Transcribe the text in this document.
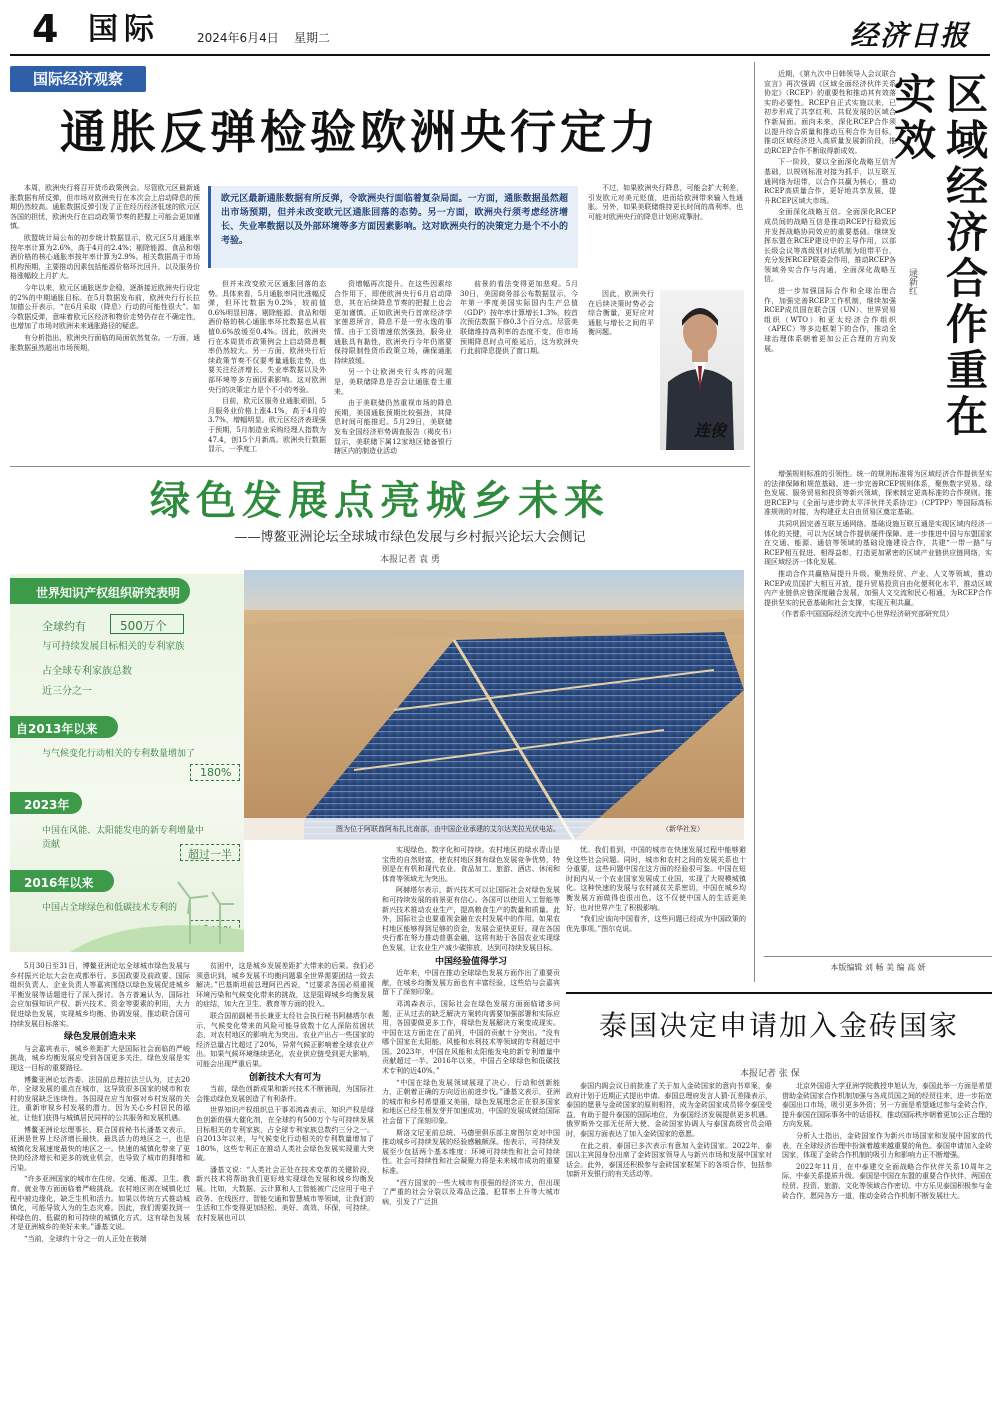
4 国际	2024年6月4日 星期二	经济日报
国际经济观察
通胀反弹检验欧洲央行定力

本周，欧洲央行将召开货币政策例会。尽管欧元区最新通胀数据有所反弹，但市场对欧洲央行在本次会上启动降息的预期仍然较高。通胀数据反弹引发了正在经历经济低迷的欧元区各国的担忧，欧洲央行在启动政策节奏的把握上可能会更加谨慎。

欧盟统计局公布的初步统计数据显示，欧元区5月通胀率按年率计算为2.6%，高于4月的2.4%；剔除能源、食品和烟酒价格的核心通胀率按年率计算为2.9%。相关数据高于市场机构预期，主要推动因素包括能源价格环比回升，以及服务价格涨幅较上月扩大。

今年以来，欧元区通胀逐步企稳，逐渐接近欧洲央行设定的2%的中期通胀目标。在5月数据发布前，欧洲央行行长拉加德公开表示，“在6月采取（降息）行动的可能性很大”。如今数据反弹，意味着欧元区经济和物价走势仍存在不确定性，也增加了市场对欧洲未来通胀路径的疑虑。

有分析指出，欧洲央行面临的局面依然复杂。一方面，通胀数据虽然超出市场预期，

欧元区最新通胀数据有所反弹，令欧洲央行面临着复杂局面。一方面，通胀数据虽然超出市场预期，但并未改变欧元区通胀回落的态势。另一方面，欧洲央行须考虑经济增长、失业率数据以及外部环境等多方面因素影响。这对欧洲央行的决策定力是个不小的考验。

但并未改变欧元区通胀回落的态势。具体来看，5月通胀率同比涨幅反弹，但环比数据为0.2%，较前值0.6%明显回落。剔除能源、食品和烟酒价格的核心通胀率环比数据也从前值0.6%放缓至0.4%。因此，欧洲央行在本周货币政策例会上启动降息概率仍然较大。另一方面，欧洲央行后续政策节奏不仅要考量通胀走势，也要关注经济增长、失业率数据以及外部环境等多方面因素影响。这对欧洲央行的决策定力是个不小的考验。

目前，欧元区服务业通胀顽固，5月服务业价格上涨4.1%，高于4月的3.7%，增幅明显。欧元区经济表现强于预期，5月制造业采购经理人指数为47.4，创15个月新高。欧洲央行数据显示，一季度工

资增幅再次提升。在这些因素综合作用下，即使欧洲央行6月启动降息，其在后续降息节奏的把握上也会更加谨慎。正如欧洲央行首席经济学家莲恩所言，降息不是一劳永逸的事情。由于工资增速依然强劲，服务业通胀具有黏性，欧洲央行今年仍需要保持限制性货币政策立场，确保通胀持续放缓。

另一个让欧洲央行头疼的问题是，美联储降息是否会让通胀卷土重来。

由于美联储仍然重视市场的降息预期，美国通胀预期比较强劲，其降息时间可能推迟。5月29日，美联储发布全国经济形势调查报告（褐皮书）显示，美联储下属12家地区储备银行辖区内的制造业活动

前景的看法变得更加悲观。5月30日，美国商务部公布数据显示，今年第一季度美国实际国内生产总值（GDP）按年率计算增长1.3%，较首次预估数据下修0.3个百分点。尽管美联储维持高利率的态度不变，但市场预期降息时点可能延后，这为欧洲央行此前降息提供了窗口期。

不过，如果欧洲央行降息，可能会扩大利差，引发欧元对美元贬值，进而给欧洲带来输入性通胀。另外，如果美联储维持更长时间的高利率，也可能对欧洲央行的降息计划形成掣肘。

因此，欧洲央行在后续决策时势必会综合衡量，更好应对通胀与增长之间的平衡问题。

连俊	区域经济合作重在实效
逯新红

近期，《第九次中日韩领导人会议联合宣言》再次强调《区域全面经济伙伴关系协定》（RCEP）的重要性和推动其有效落实的必要性。RCEP自正式实施以来，已初步形成了共享红利、共促发展的区域合作新局面。面向未来，深化RCEP合作须以提升综合质量和推动互利合作为目标，推动区域经济进入高质量发展新阶段，推动RCEP合作不断取得新成效。

下一阶段，要以全面深化战略互信为基础，以规则标准对接为抓手，以互联互通网络为纽带，以合作共赢为核心，推动RCEP高质量合作，更好地共享发展，提升RCEP区域大市场。

全面深化战略互信。全面深化RCEP成员间的战略互信是推动RCEP行稳致远并发挥战略协同效应的重要基础。继续发挥东盟在RCEP建设中的主导作用，以部长级会议等高级别对话机制为纽带平台，充分发挥RCEP联委会作用，推动RCEP各领域务实合作与沟通，全面深化战略互信。

进一步加强国际合作和全球治理合作，加强完善RCEP工作机制，继续加强RCEP成员国在联合国（UN）、世界贸易组织（WTO）和亚太经济合作组织（APEC）等多边框架下的合作，推动全球治理体系朝着更加公正合理的方向发展。

增强规则标准的引领性。统一的规则标准将为区域经济合作提供坚实的法律保障和规范基础。进一步完善RCEP规则体系，聚焦数字贸易、绿色发展、服务贸易和投资等新兴领域，探索制定更高标准的合作规则。推进RCEP与《全面与进步跨太平洋伙伴关系协定》（CPTPP）等国际高标准规则的对接，为构建亚太自由贸易区奠定基础。

共同巩固完善互联互通网络。基础设施互联互通是实现区域内经济一体化的关键，可以为区域合作提供硬件保障。进一步推进中国与东盟国家在交通、能源、通信等领域的基础设施建设合作，共建“一带一路”与RCEP相互促进、相得益彰，打造更加紧密的区域产业链供应链网络，实现区域经济一体化发展。

推动合作共赢格局提升升级。聚焦经贸、产业、人文等领域，推动RCEP成员国扩大相互开放，提升贸易投资自由化便利化水平，推动区域内产业链供应链深度融合发展，加强人文交流和民心相通，为RCEP合作提供坚实的民意基础和社会支撑，实现互利共赢。

（作者系中国国际经济交流中心世界经济研究部研究员）

本版编辑 刘 畅 美 编 高 妍
绿色发展点亮城乡未来
——博鳌亚洲论坛全球城市绿色发展与乡村振兴论坛大会侧记
本报记者 袁 勇
图为位于阿联酋阿布扎比南部，由中国企业承建的艾尔达芙拉光伏电站。	（新华社发）
世界知识产权组织研究表明
全球约有	500万个
与可持续发展目标相关的专利家族
占全球专利家族总数
近三分之一
自2013年以来
与气候变化行动相关的专利数量增加了
180%
2023年
中国在风能、太阳能发电的新专利增量中贡献
超过一半
2016年以来
中国占全球绿色和低碳技术专利的

5月30日至31日，博鳌亚洲论坛全球城市绿色发展与乡村振兴论坛大会在成都举行。多国政要及前政要、国际组织负责人、企业负责人等嘉宾围绕以绿色发展促进城乡平衡发展等话题进行了深入探讨。各方普遍认为，国际社会应加强知识产权、新兴技术、资金等要素的利用，大力促进绿色发展，实现城乡均衡、协调发展，推动联合国可持续发展目标落实。

绿色发展创造未来

与会嘉宾表示，城乡差距扩大是国际社会面临的严峻挑战，城乡均衡发展应受到各国更多关注，绿色发展是实现这一目标的重要路径。

博鳌亚洲论坛咨委、法国前总理拉法兰认为，过去20年，全球发展的重点在城市，这导致很多国家的城市和农村的发展缺乏连续性。各国现在应当加强对乡村发展的关注，重新审视乡村发展的潜力，因为关心乡村居民的福祉，让他们获得与城镇居民同样的公共服务和发展机遇。

博鳌亚洲论坛理事长、联合国前秘书长潘基文表示，亚洲是世界上经济增长最快、最具活力的地区之一，也是城镇化发展速度最快的地区之一。快速的城镇化带来了更快的经济增长和更多的就业机会，也导致了城市的拥堵和污染。

“许多亚洲国家的城市在住房、交通、能源、卫生、教育、就业等方面面临着严峻挑战。农村地区则在城镇化过程中被边缘化，缺乏生机和活力。如果以传统方式推动城镇化，可能导致人为的生态灾难。因此，我们需要找到一种绿色的、低碳的和可持续的城镇化方式，这有绿色发展才是亚洲城乡的美好未来。”潘基文说。

“当前，全球约十分之一的人正处在极端

贫困中，这是城乡发展差距扩大带来的后果。我们必须意识到，城乡发展不均衡问题靠全世界需要团结一致去解决。”巴基斯坦前总理阿巴西说，“过要求各国必须重视环境污染和气候变化带来的挑战，这是阻碍城乡均衡发展的症结，加大在卫生、教育等方面的投入。

联合国前副秘书长兼亚太经社会执行秘书阿赫塔尔表示，气候变化带来的风险可能导致数十亿人深陷贫困状态，对农村地区的影响尤为突出。农业产出占一些国家的经济总量占比超过了20%，异常气候正影响着全球农业产出。如果气候环境继续恶化，农业供应链受到更大影响，可能会出现严重后果。

创新技术大有可为

当前，绿色创新成果和新兴技术不断涌现，为国际社会推动绿色发展创造了有利条件。

世界知识产权组织总干事邓鸿森表示，知识产权是绿色创新的强大催化剂，在全球约有500万个与可持续发展目标相关的专利家族，占全球专利家族总数约三分之一。自2013年以来，与气候变化行动相关的专利数量增加了180%，这些专利正在推动人类社会绿色发展实现重大突破。

潘基文说：“人类社会正处在技术变革的关键阶段，新兴技术将帮助我们更好地实现绿色发展和城乡均衡发展。比如，大数据、云计算和人工智能被广泛应用于电子政务、在线医疗、智能交通和智慧城市等领域，让我们的生活和工作变得更加轻松、美好、高效、环保，可持续。农村发展也可以

实现绿色、数字化和可持续。农村地区的绿水青山是宝贵的自然财富，使农村地区拥有绿色发展竞争优势，特别是在有机和现代农业、食品加工、旅游、酒店、休闲和体育等领域尤为突出。

阿赫塔尔表示，新兴技术可以让国际社会对绿色发展和可持续发展的前景更有信心。各国可以使用人工智能等新兴技术推动农业生产，提高粮食生产的数量和质量。此外，国际社会也要重视金融在农村发展中的作用。如果农村地区能够得到足够的资金，发展会更快更好。现在各国央行都在努力推动普惠金融，这将有助于各国农业实现绿色发展，让农业生产减少碳排放，达到可持续发展目标。

中国经验值得学习

近年来，中国在推动全球绿色发展方面作出了重要贡献，在城乡均衡发展方面也有丰富经验，这些给与会嘉宾留下了深刻印象。

邓鸿森表示，国际社会在绿色发展方面面临诸多问题，正从过去的缺乏解决方案转向需要加强部署和实际应用，各国要做更多工作，将绿色发展解决方案变成现实。中国在这方面走在了前列，中国的贡献十分突出。“没有哪个国家在太阳能、风能和水利技术等领域的专利超过中国。2023年，中国在风能和太阳能发电的新专利增量中贡献超过一半。2016年以来，中国占全球绿色和低碳技术专利的近40%。”

“中国在绿色发展领域展现了决心、行动和创新能力，正朝着正确的方向迈出前进步伐。”潘基文表示，亚洲的城市和乡村希望重又美丽，绿色发展理念正在很多国家和地区已经生根发芽并加速成功，中国的发展成就给国际社会留下了深刻印象。

斯洛文尼亚前总统、马德里俱乐部主席图尔克对中国推动城乡可持续发展的经验感触颇深。他表示，可持续发展至少包括两个基本维度：环境可持续性和社会可持续性。社会可持续性和社会凝聚力将是未来城市成功的重要标准。

“西方国家的一些大城市有很强的经济实力，但出现了严重的社会分裂以及毒品泛滥、犯罪率上升等大城市病，引发了广泛担

忧。我们看到，中国的城市在快速发展过程中能够避免这些社会问题。同时，城市和农村之间的发展关系也十分重要，这些问题中国在这方面的经验很可鉴。中国在短时间内从一个农业国家发展成工业国，实现了大规模城镇化。这种快速的发展与农村减贫关系密切，中国在城乡均衡发展方面做得也很出色。这不仅使中国人的生活更美好，也对世界产生了积极影响。

“我们应该向中国看齐，这些问题已经成为中国政策的优先事项。”图尔克说。

泰国决定申请加入金砖国家
本报记者 张 保

泰国内阁会议日前批准了关于加入金砖国家的意向书草案，泰政府计划于近期正式提出申请。泰国总理府发言人猜·瓦差隆表示，泰国的愿景与金砖国家的原则相符，成为金砖国家成员将令泰国受益，有助于提升泰国的国际地位，为泰国经济发展提供更多机遇。俄罗斯外交部无任所大使、金砖国家协调人与泰国高级官员会晤时，泰国方面表达了加入金砖国家的意愿。

在此之前，泰国已多次表示有意加入金砖国家。2022年，泰国以主宾国身份出席了金砖国家领导人与新兴市场和发展中国家对话会。此外，泰国还积极参与金砖国家框架下的各项合作，包括参加新开发银行的有关活动等。

北京外国语大学亚洲学院教授申旭认为，泰国此举一方面是希望借助金砖国家合作机制加强与各成员国之间的经贸往来，进一步拓宽泰国出口市场，吸引更多外资；另一方面是希望通过参与金砖合作，提升泰国在国际事务中的话语权，推动国际秩序朝着更加公正合理的方向发展。

分析人士指出，金砖国家作为新兴市场国家和发展中国家的代表，在全球经济治理中扮演着越来越重要的角色。泰国申请加入金砖国家，体现了金砖合作机制的吸引力和影响力正不断增强。

2022年11月，在中泰建交全面战略合作伙伴关系10周年之际，中泰关系提质升级。泰国是中国在东盟的重要合作伙伴，两国在经贸、投资、旅游、文化等领域合作密切。中方乐见泰国积极参与金砖合作，愿同各方一道，推动金砖合作机制不断发展壮大。
